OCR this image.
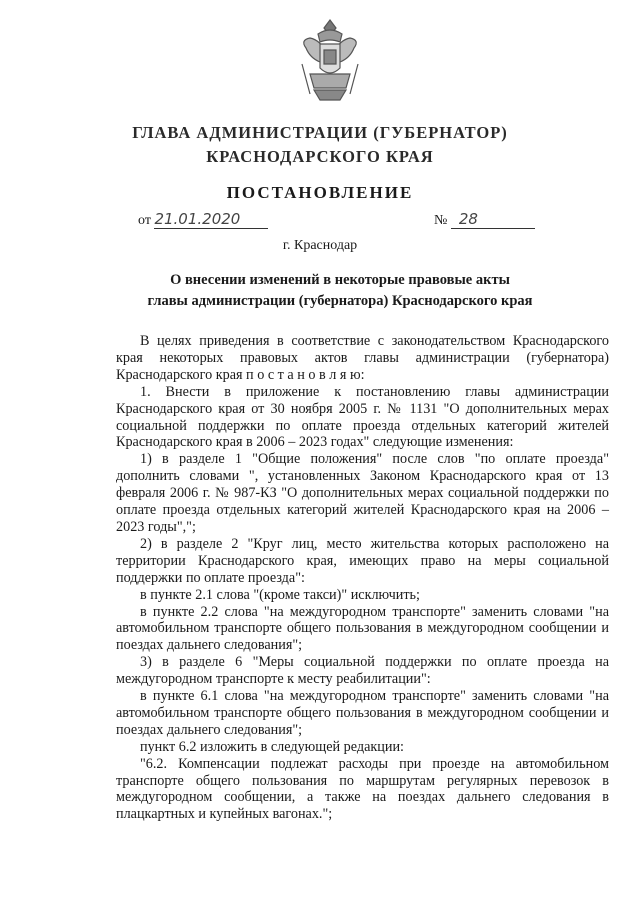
ГЛАВА АДМИНИСТРАЦИИ (ГУБЕРНАТОР)
КРАСНОДАРСКОГО КРАЯ
ПОСТАНОВЛЕНИЕ
от 21.01.2020	№ 28
г. Краснодар
О внесении изменений в некоторые правовые акты
главы администрации (губернатора) Краснодарского края

В целях приведения в соответствие с законодательством Краснодарского края некоторых правовых актов главы администрации (губернатора) Краснодарского края п о с т а н о в л я ю:

1. Внести в приложение к постановлению главы администрации Краснодарского края от 30 ноября 2005 г. № 1131 "О дополнительных мерах социальной поддержки по оплате проезда отдельных категорий жителей Краснодарского края в 2006 – 2023 годах" следующие изменения:

1) в разделе 1 "Общие положения" после слов "по оплате проезда" дополнить словами ", установленных Законом Краснодарского края от 13 февраля 2006 г. № 987-КЗ "О дополнительных мерах социальной поддержки по оплате проезда отдельных категорий жителей Краснодарского края на 2006 – 2023 годы",";

2) в разделе 2 "Круг лиц, место жительства которых расположено на территории Краснодарского края, имеющих право на меры социальной поддержки по оплате проезда":

в пункте 2.1 слова "(кроме такси)" исключить;

в пункте 2.2 слова "на междугородном транспорте" заменить словами "на автомобильном транспорте общего пользования в междугородном сообщении и поездах дальнего следования";

3) в разделе 6 "Меры социальной поддержки по оплате проезда на междугородном транспорте к месту реабилитации":

в пункте 6.1 слова "на междугородном транспорте" заменить словами "на автомобильном транспорте общего пользования в междугородном сообщении и поездах дальнего следования";

пункт 6.2 изложить в следующей редакции:

"6.2. Компенсации подлежат расходы при проезде на автомобильном транспорте общего пользования по маршрутам регулярных перевозок в междугородном сообщении, а также на поездах дальнего следования в плацкартных и купейных вагонах.";
